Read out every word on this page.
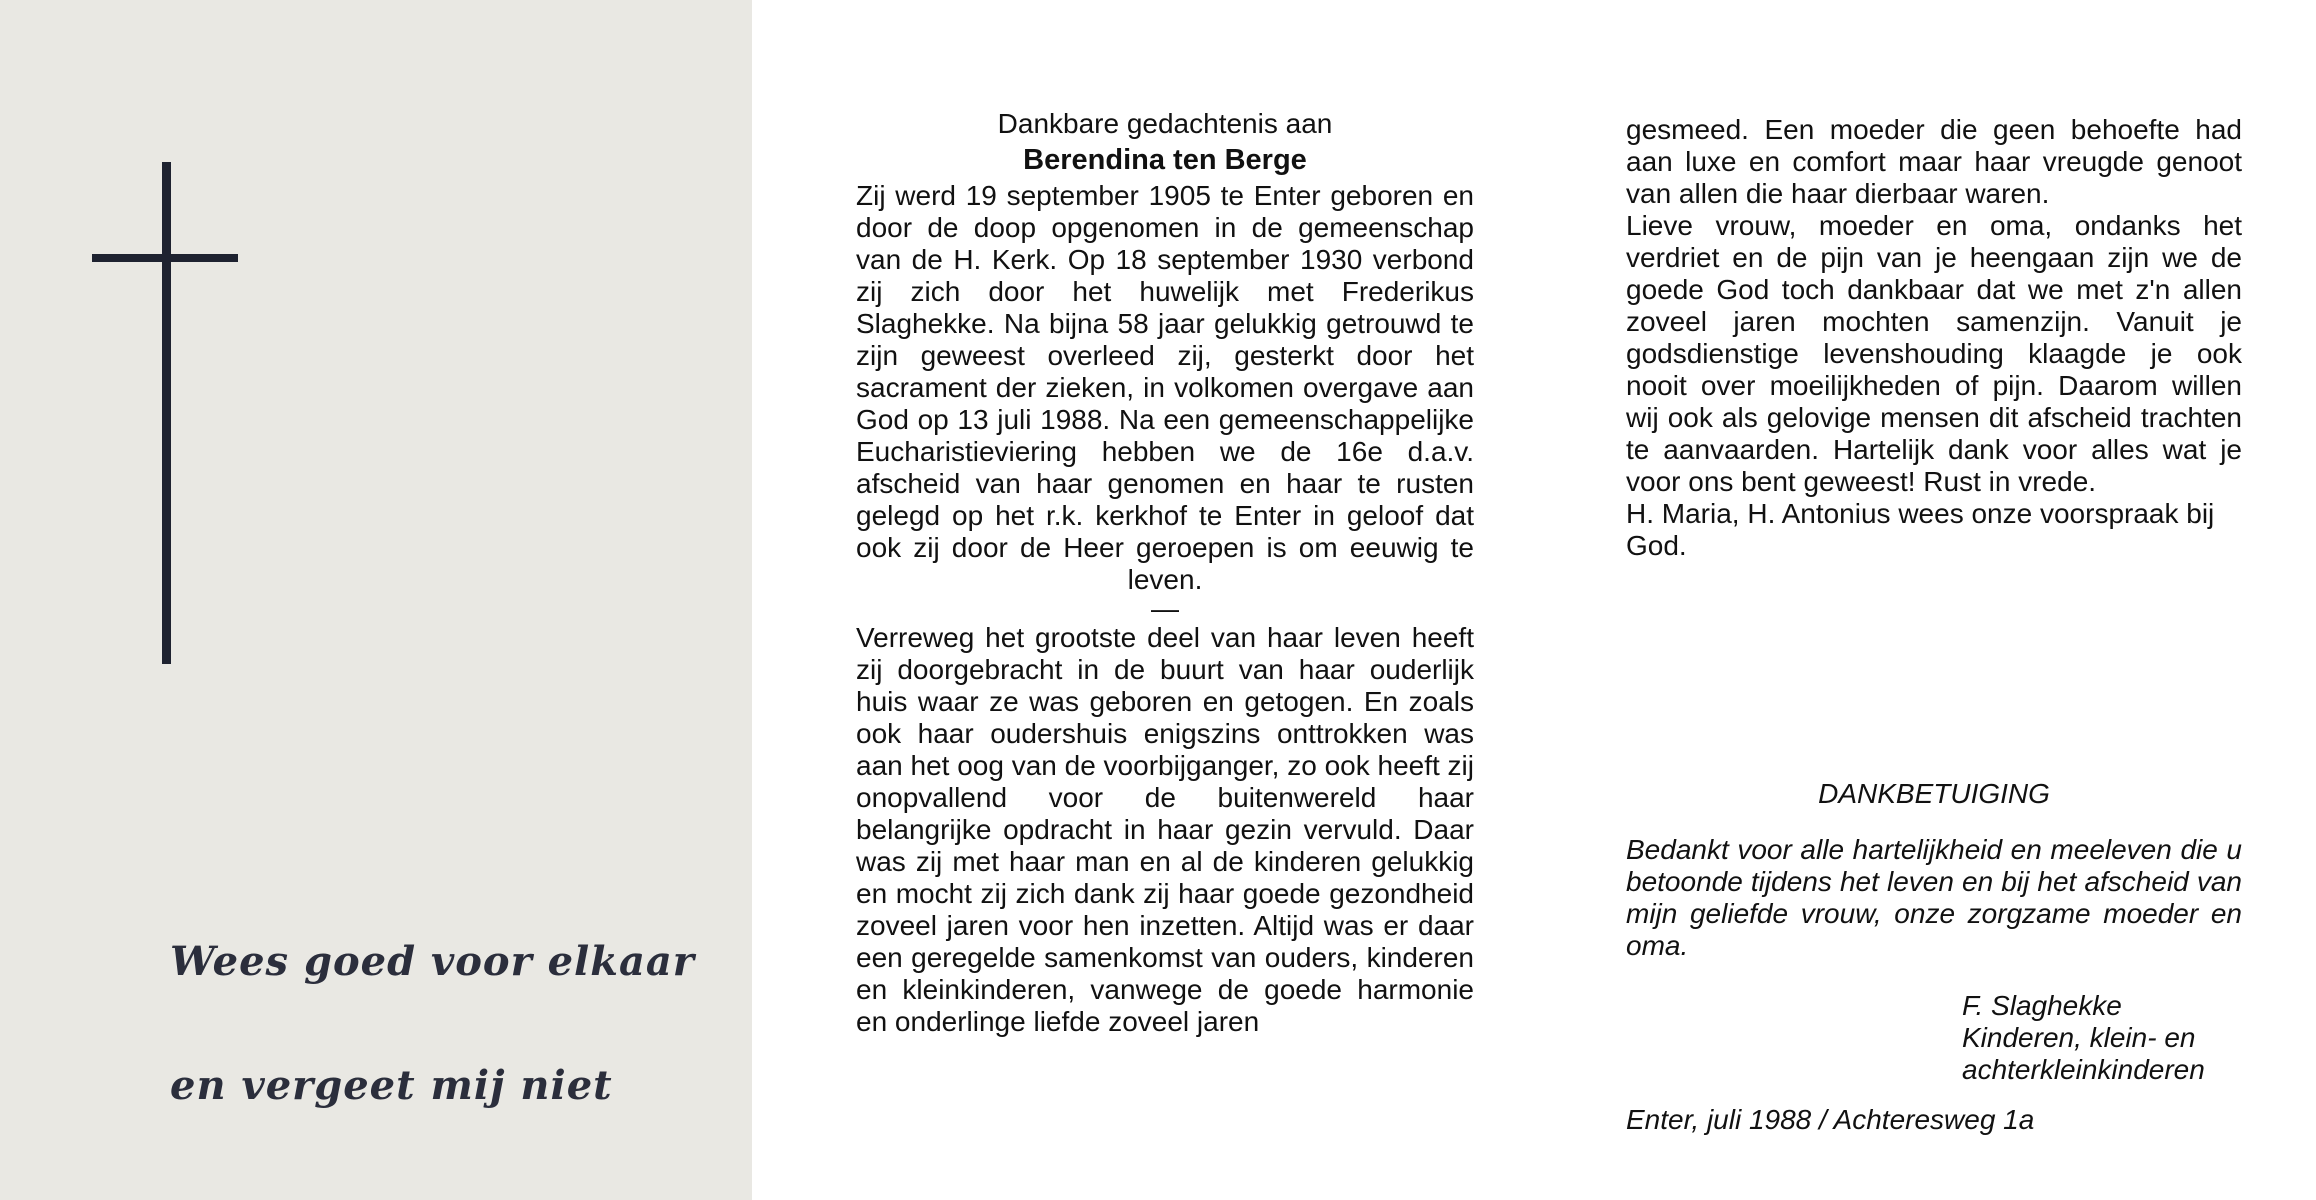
Wees goed voor elkaar

en vergeet mij niet

Dankbare gedachtenis aan

Berendina ten Berge

Zij werd 19 september 1905 te Enter geboren en door de doop opgenomen in de gemeenschap van de H. Kerk. Op 18 september 1930 verbond zij zich door het huwelijk met Frederikus Slaghekke. Na bijna 58 jaar gelukkig getrouwd te zijn geweest overleed zij, gesterkt door het sacrament der zieken, in volkomen overgave aan God op 13 juli 1988. Na een gemeenschappelijke Eucharistieviering hebben we de 16e d.a.v. afscheid van haar genomen en haar te rusten gelegd op het r.k. kerkhof te Enter in geloof dat ook zij door de Heer geroepen is om eeuwig te leven.

—

Verreweg het grootste deel van haar leven heeft zij doorgebracht in de buurt van haar ouderlijk huis waar ze was geboren en getogen. En zoals ook haar oudershuis enigszins onttrokken was aan het oog van de voorbijganger, zo ook heeft zij onopvallend voor de buitenwereld haar belangrijke opdracht in haar gezin vervuld. Daar was zij met haar man en al de kinderen gelukkig en mocht zij zich dank zij haar goede gezondheid zoveel jaren voor hen inzetten. Altijd was er daar een geregelde samenkomst van ouders, kinderen en kleinkinderen, vanwege de goede harmonie en onderlinge liefde zoveel jaren

gesmeed. Een moeder die geen behoefte had aan luxe en comfort maar haar vreugde genoot van allen die haar dierbaar waren.

Lieve vrouw, moeder en oma, ondanks het verdriet en de pijn van je heengaan zijn we de goede God toch dankbaar dat we met z'n allen zoveel jaren mochten samenzijn. Vanuit je godsdienstige levenshouding klaagde je ook nooit over moeilijkheden of pijn. Daarom willen wij ook als gelovige mensen dit afscheid trachten te aanvaarden. Hartelijk dank voor alles wat je voor ons bent geweest! Rust in vrede.

H. Maria, H. Antonius wees onze voorspraak bij God.

DANKBETUIGING

Bedankt voor alle hartelijkheid en meeleven die u betoonde tijdens het leven en bij het afscheid van mijn geliefde vrouw, onze zorgzame moeder en oma.

F. Slaghekke
Kinderen, klein- en
achterkleinkinderen

Enter, juli 1988 / Achteresweg 1a
